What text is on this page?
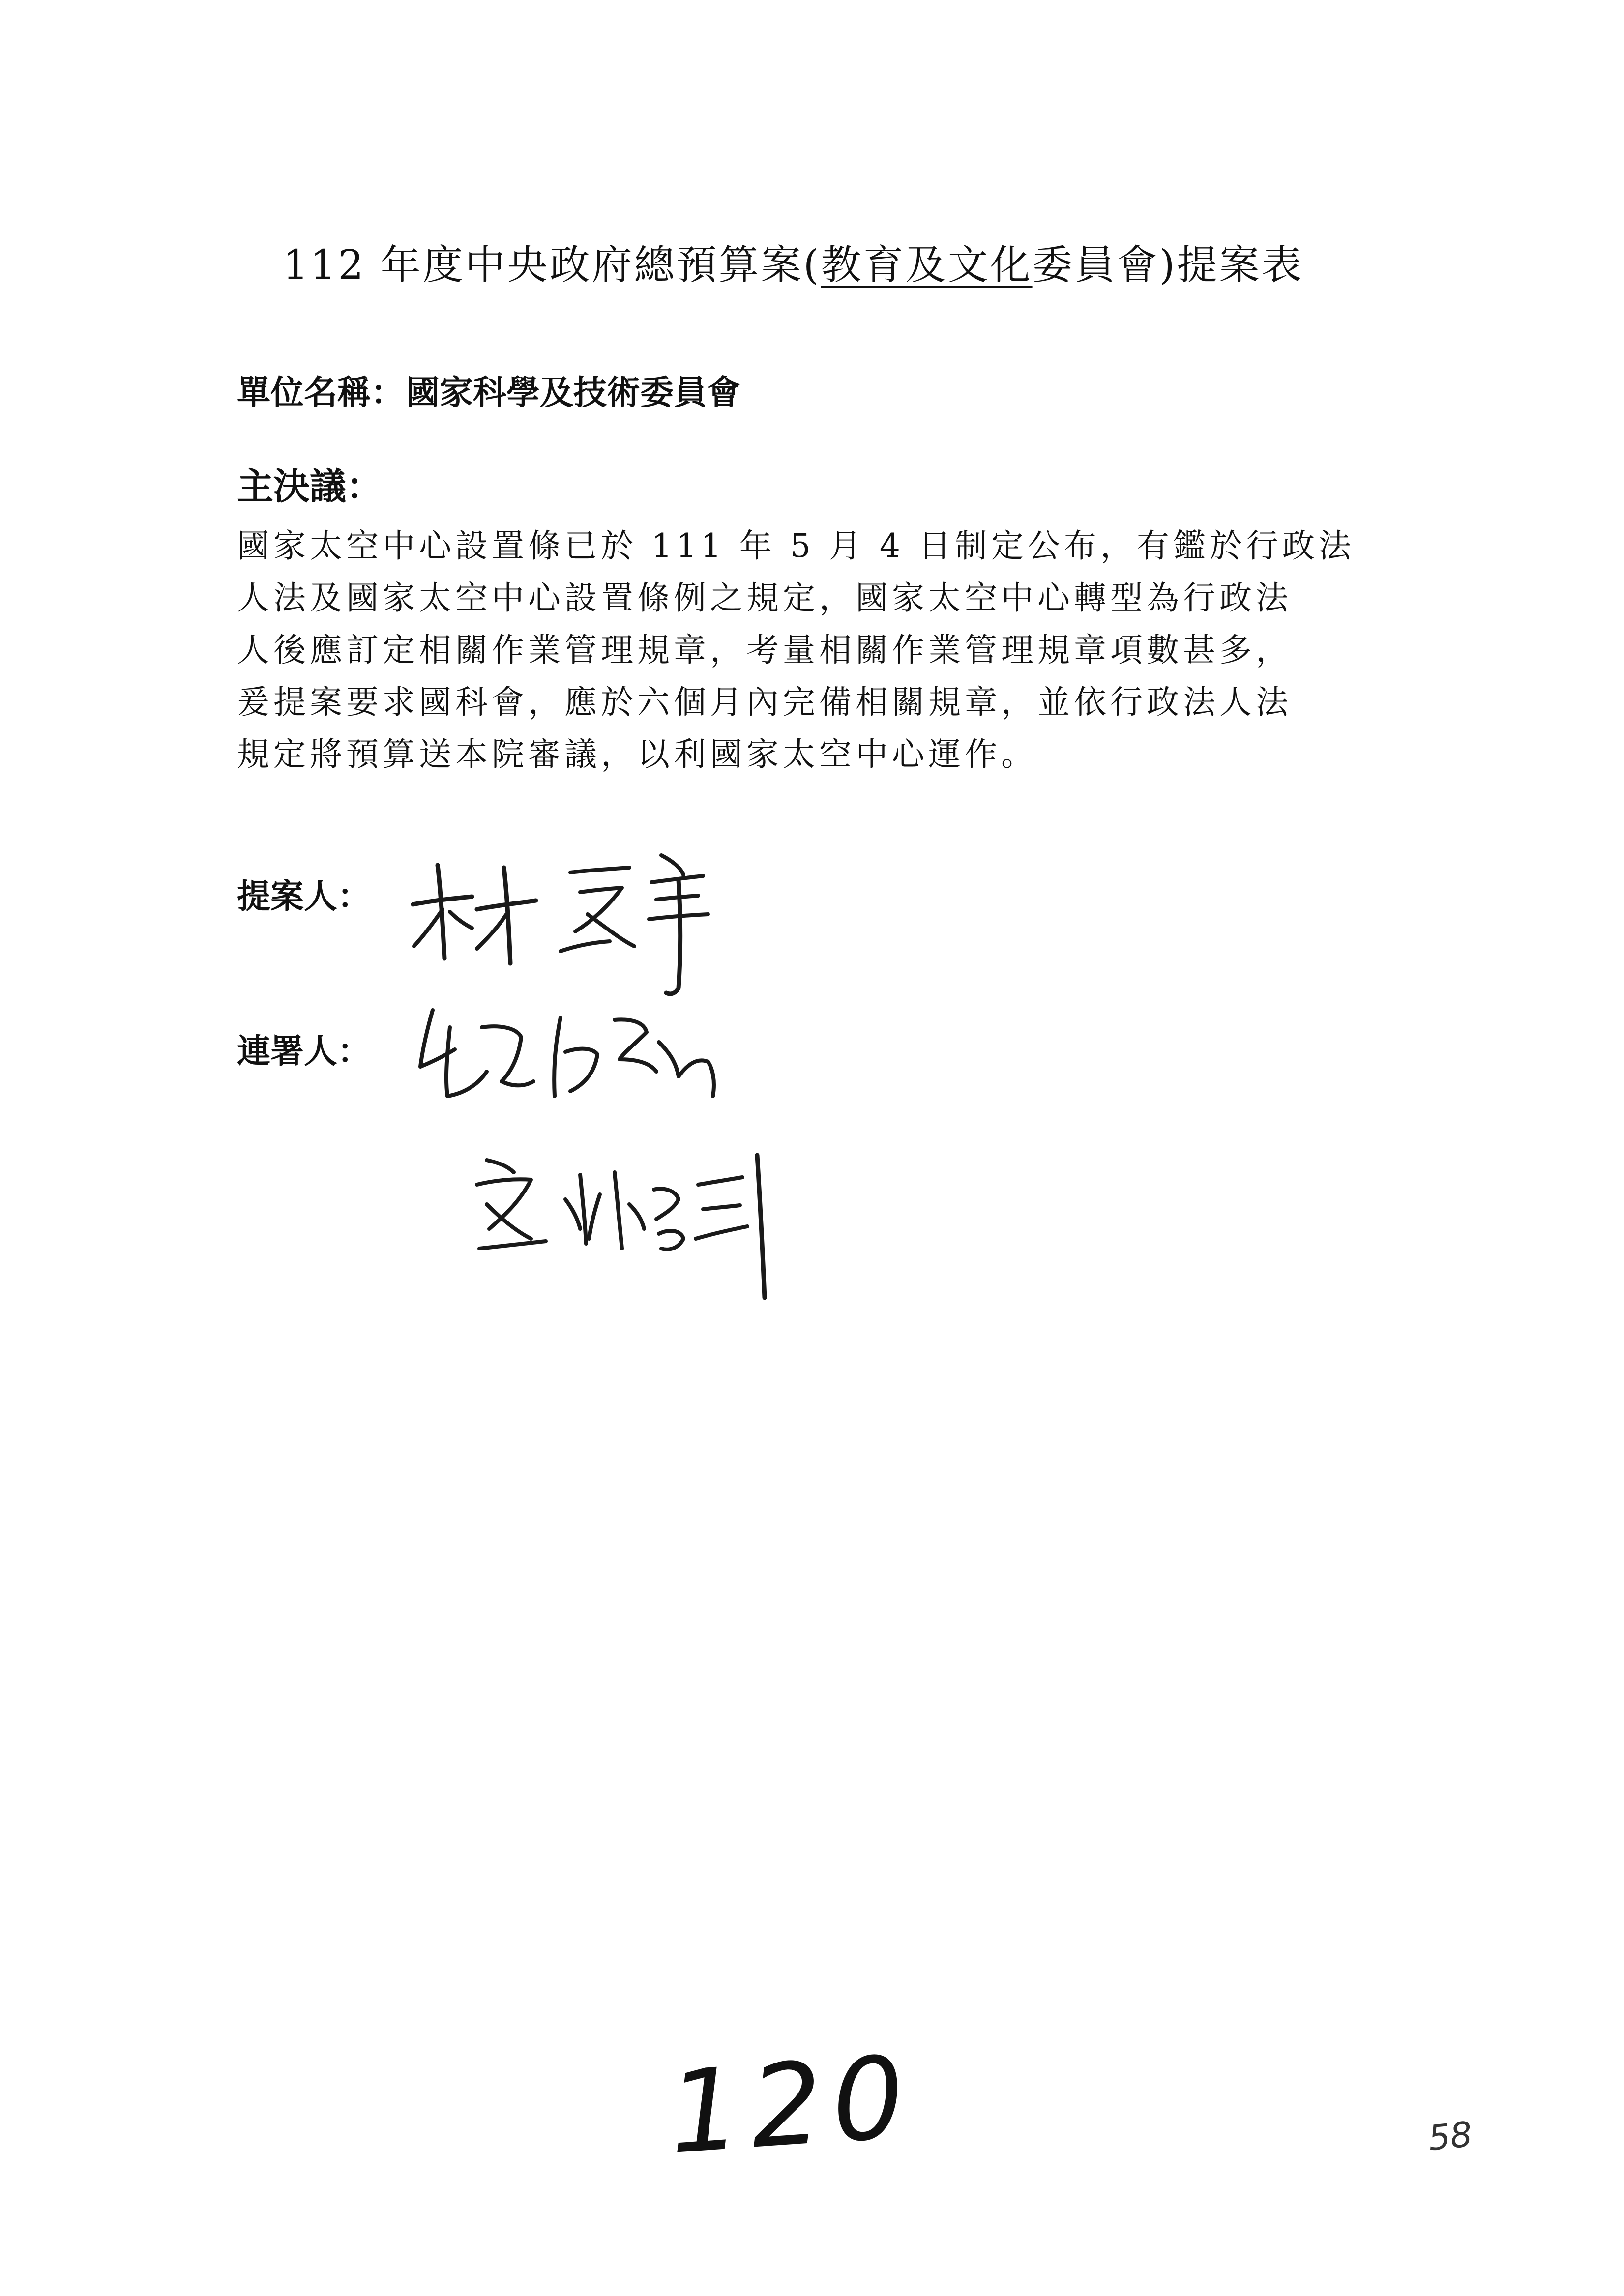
112 年度中央政府總預算案(教育及文化委員會)提案表
單位名稱：國家科學及技術委員會
主決議：
國家太空中心設置條已於 111 年 5 月 4 日制定公布，有鑑於行政法
人法及國家太空中心設置條例之規定，國家太空中心轉型為行政法
人後應訂定相關作業管理規章，考量相關作業管理規章項數甚多，
爰提案要求國科會，應於六個月內完備相關規章，並依行政法人法
規定將預算送本院審議，以利國家太空中心運作。
提案人：
連署人：
120	58
